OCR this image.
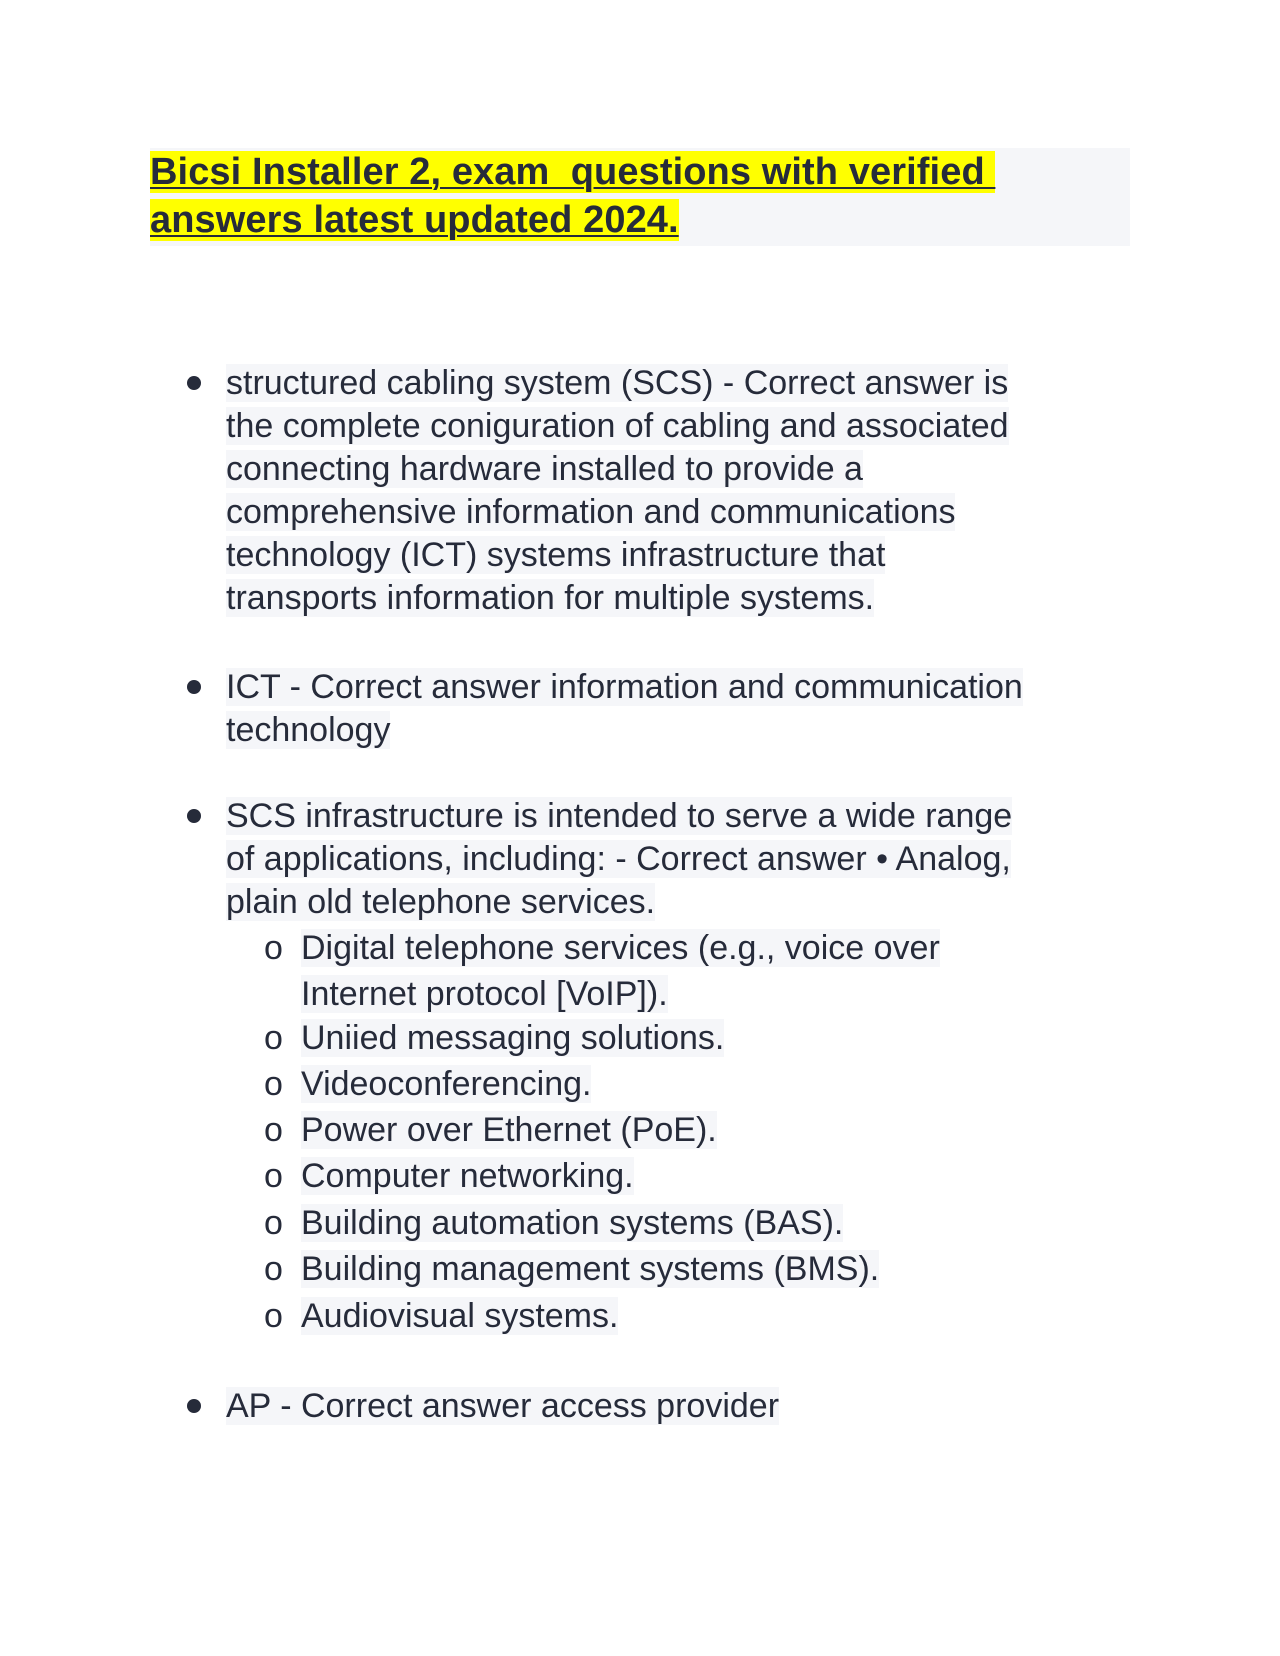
Bicsi Installer 2, exam  questions with verified
answers latest updated 2024.
structured cabling system (SCS) - Correct answer is
the complete coniguration of cabling and associated
connecting hardware installed to provide a
comprehensive information and communications
technology (ICT) systems infrastructure that
transports information for multiple systems.
ICT - Correct answer information and communication
technology
SCS infrastructure is intended to serve a wide range
of applications, including: - Correct answer • Analog,
plain old telephone services.
o Digital telephone services (e.g., voice over
Internet protocol [VoIP]).
o Uniied messaging solutions.
o Videoconferencing.
o Power over Ethernet (PoE).
o Computer networking.
o Building automation systems (BAS).
o Building management systems (BMS).
o Audiovisual systems.
AP - Correct answer access provider
